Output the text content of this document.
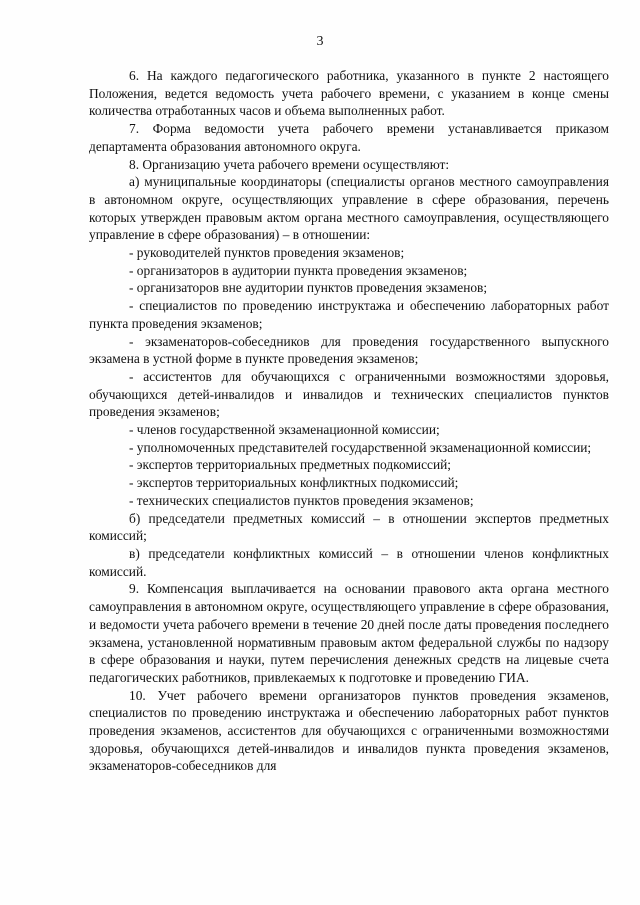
3

6. На каждого педагогического работника, указанного в пункте 2 настоящего Положения, ведется ведомость учета рабочего времени, с указанием в конце смены количества отработанных часов и объема выполненных работ.

7. Форма ведомости учета рабочего времени устанавливается приказом департамента образования автономного округа.

8. Организацию учета рабочего времени осуществляют:

а) муниципальные координаторы (специалисты органов местного самоуправления в автономном округе, осуществляющих управление в сфере образования, перечень которых утвержден правовым актом органа местного самоуправления, осуществляющего управление в сфере образования) – в отношении:

- руководителей пунктов проведения экзаменов;

- организаторов в аудитории пункта проведения экзаменов;

- организаторов вне аудитории пунктов проведения экзаменов;

- специалистов по проведению инструктажа и обеспечению лабораторных работ пункта проведения экзаменов;

- экзаменаторов-собеседников для проведения государственного выпускного экзамена в устной форме в пункте проведения экзаменов;

- ассистентов для обучающихся с ограниченными возможностями здоровья, обучающихся детей-инвалидов и инвалидов и технических специалистов пунктов проведения экзаменов;

- членов государственной экзаменационной комиссии;

- уполномоченных представителей государственной экзаменационной комиссии;

- экспертов территориальных предметных подкомиссий;

- экспертов территориальных конфликтных подкомиссий;

- технических специалистов пунктов проведения экзаменов;

б) председатели предметных комиссий – в отношении экспертов предметных комиссий;

в) председатели конфликтных комиссий – в отношении членов конфликтных комиссий.

9. Компенсация выплачивается на основании правового акта органа местного самоуправления в автономном округе, осуществляющего управление в сфере образования, и ведомости учета рабочего времени в течение 20 дней после даты проведения последнего экзамена, установленной нормативным правовым актом федеральной службы по надзору в сфере образования и науки, путем перечисления денежных средств на лицевые счета педагогических работников, привлекаемых к подготовке и проведению ГИА.

10. Учет рабочего времени организаторов пунктов проведения экзаменов, специалистов по проведению инструктажа и обеспечению лабораторных работ пунктов проведения экзаменов, ассистентов для обучающихся с ограниченными возможностями здоровья, обучающихся детей-инвалидов и инвалидов пункта проведения экзаменов, экзаменаторов-собеседников для
